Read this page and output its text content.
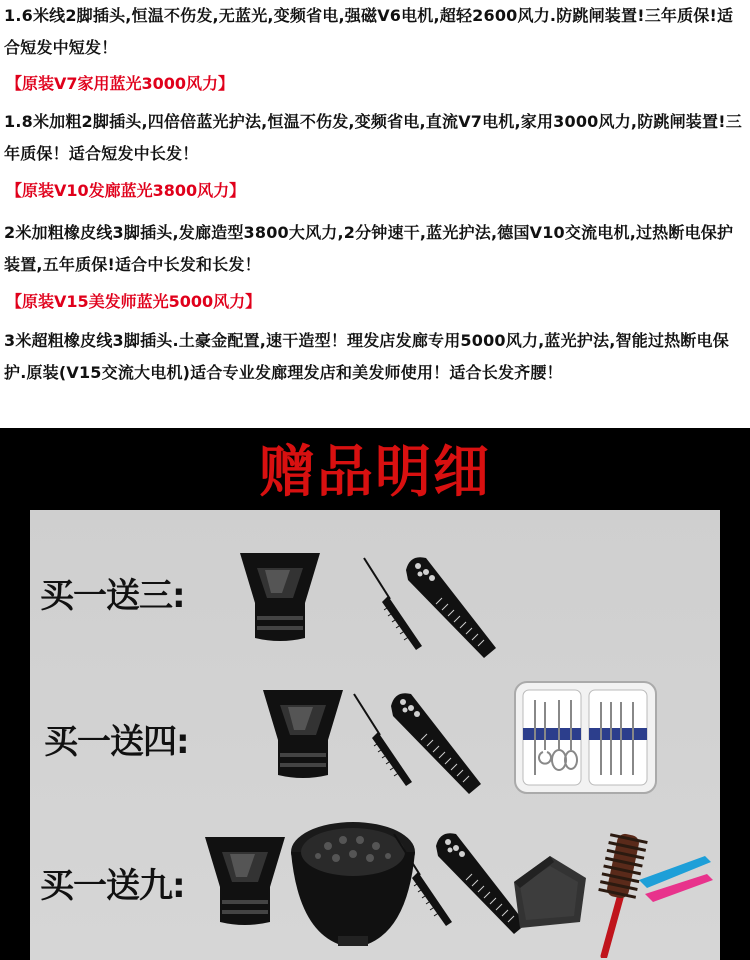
1.6米线2脚插头,恒温不伤发,无蓝光,变频省电,强磁V6电机,超轻2600风力.防跳闸装置!三年质保!适合短发中短发！

【原装V7家用蓝光3000风力】

1.8米加粗2脚插头,四倍倍蓝光护法,恒温不伤发,变频省电,直流V7电机,家用3000风力,防跳闸装置!三年质保！适合短发中长发！

【原装V10发廊蓝光3800风力】

2米加粗橡皮线3脚插头,发廊造型3800大风力,2分钟速干,蓝光护法,德国V10交流电机,过热断电保护装置,五年质保!适合中长发和长发！

【原装V15美发师蓝光5000风力】

3米超粗橡皮线3脚插头.土豪金配置,速干造型！理发店发廊专用5000风力,蓝光护法,智能过热断电保护.原装(V15交流大电机)适合专业发廊理发店和美发师使用！适合长发齐腰！

赠品明细
买一送三:
买一送四:
买一送九:
